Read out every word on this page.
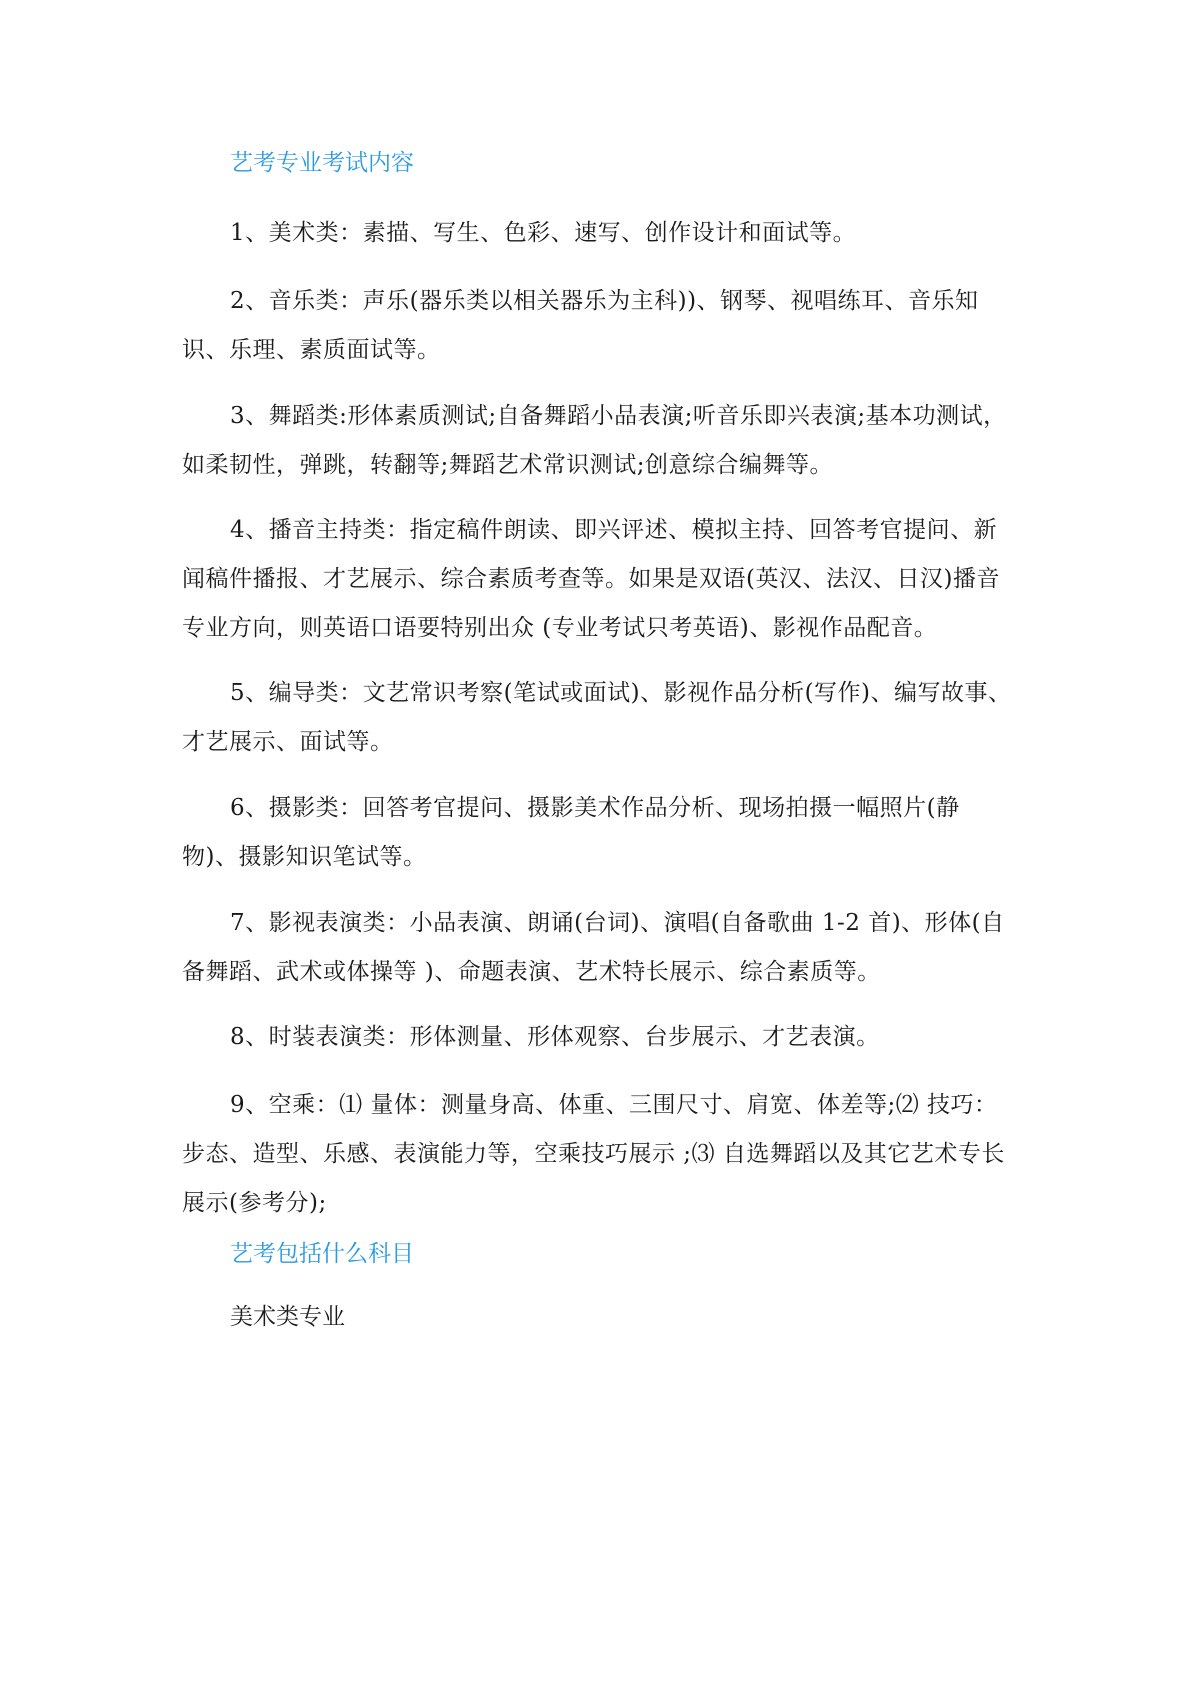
艺考专业考试内容

1、美术类：素描、写生、色彩、速写、创作设计和面试等。

2、音乐类：声乐(器乐类以相关器乐为主科))、钢琴、视唱练耳、音乐知识、乐理、素质面试等。

3、舞蹈类:形体素质测试;自备舞蹈小品表演;听音乐即兴表演;基本功测试，如柔韧性，弹跳，转翻等;舞蹈艺术常识测试;创意综合编舞等。

4、播音主持类：指定稿件朗读、即兴评述、模拟主持、回答考官提问、新闻稿件播报、才艺展示、综合素质考查等。如果是双语(英汉、法汉、日汉)播音专业方向，则英语口语要特别出众 (专业考试只考英语)、影视作品配音。

5、编导类：文艺常识考察(笔试或面试)、影视作品分析(写作)、编写故事、才艺展示、面试等。

6、摄影类：回答考官提问、摄影美术作品分析、现场拍摄一幅照片(静物)、摄影知识笔试等。

7、影视表演类：小品表演、朗诵(台词)、演唱(自备歌曲 1-2 首)、形体(自备舞蹈、武术或体操等 )、命题表演、艺术特长展示、综合素质等。

8、时装表演类：形体测量、形体观察、台步展示、才艺表演。

9、空乘：⑴ 量体：测量身高、体重、三围尺寸、肩宽、体差等;⑵ 技巧：步态、造型、乐感、表演能力等，空乘技巧展示 ;⑶ 自选舞蹈以及其它艺术专长展示(参考分);

艺考包括什么科目

美术类专业
